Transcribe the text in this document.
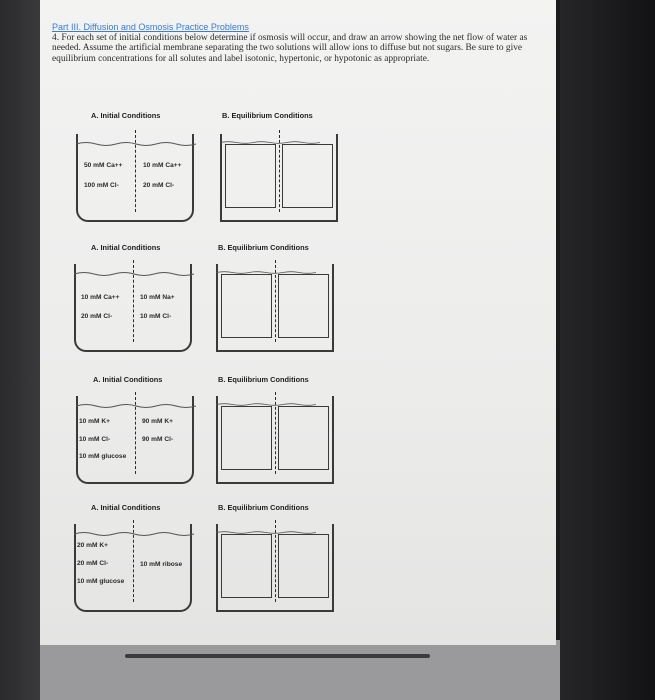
Part III. Diffusion and Osmosis Practice Problems
4. For each set of initial conditions below determine if osmosis will occur, and draw an arrow showing the net flow of water as needed. Assume the artificial membrane separating the two solutions will allow ions to diffuse but not sugars. Be sure to give equilibrium concentrations for all solutes and label isotonic, hypertonic, or hypotonic as appropriate.
A. Initial Conditions	B. Equilibrium Conditions
50 mM Ca++
100 mM Cl-
10 mM Ca++
20 mM Cl-
A. Initial Conditions	B. Equilibrium Conditions
10 mM Ca++
20 mM Cl-
10 mM Na+
10 mM Cl-
A. Initial Conditions	B. Equilibrium Conditions
10 mM K+
10 mM Cl-
10 mM glucose
90 mM K+
90 mM Cl-
A. Initial Conditions	B. Equilibrium Conditions
20 mM K+
20 mM Cl-
10 mM glucose
10 mM ribose
